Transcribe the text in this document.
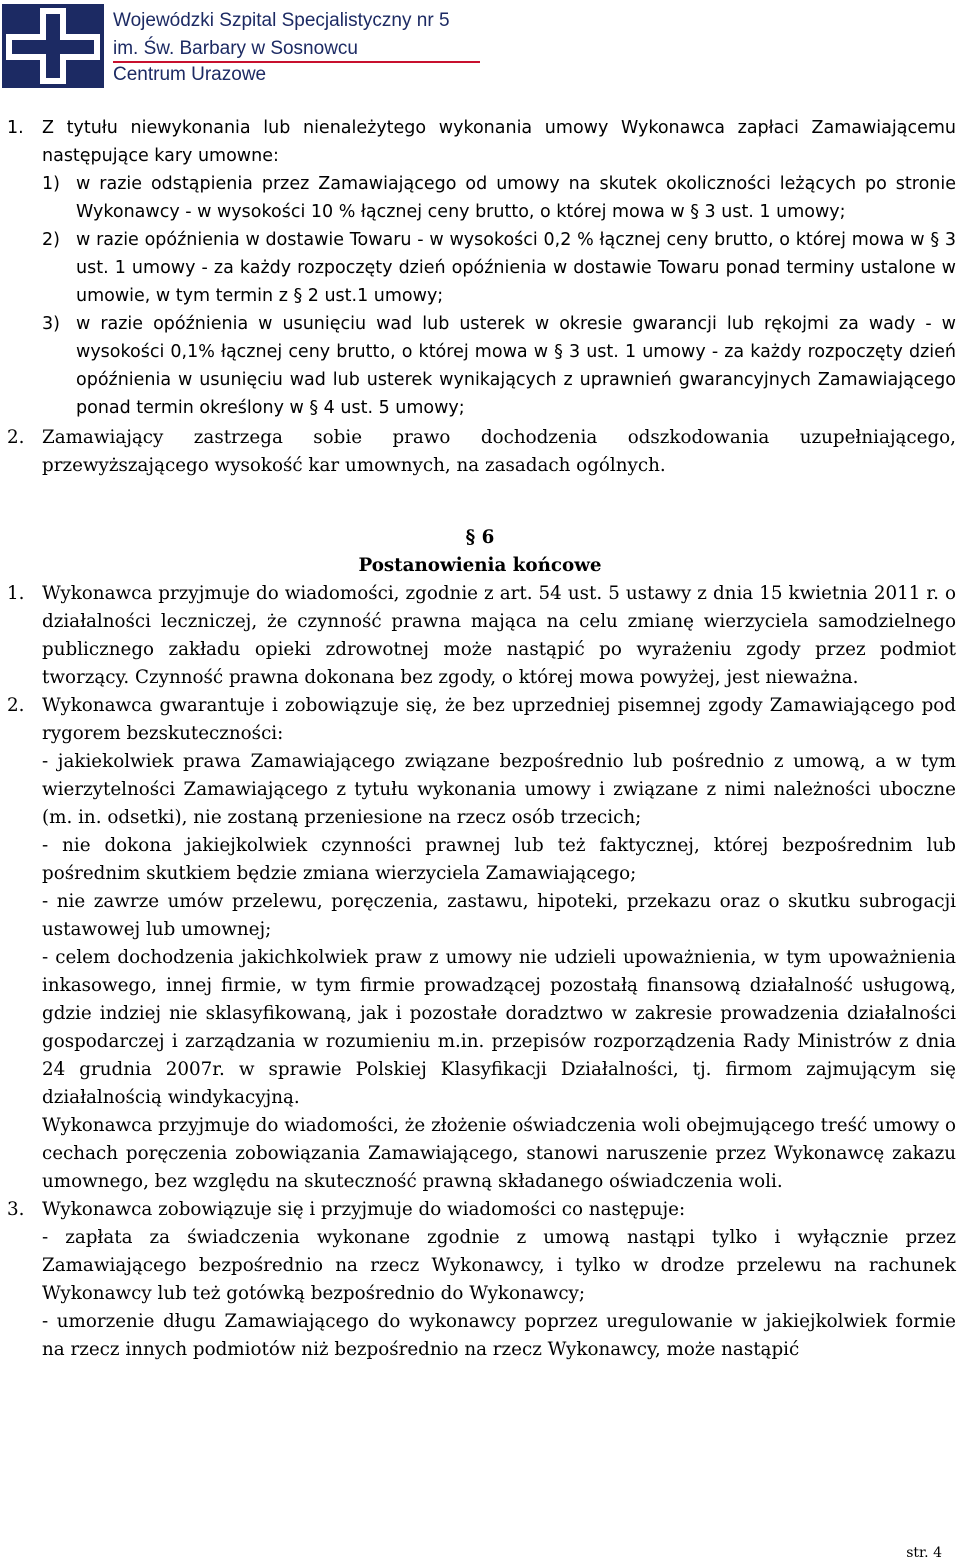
Wojewódzki Szpital Specjalistyczny nr 5
im. Św. Barbary w Sosnowcu
Centrum Urazowe
1. Z tytułu niewykonania lub nienależytego wykonania umowy Wykonawca zapłaci Zamawiającemu następujące kary umowne:
1) w razie odstąpienia przez Zamawiającego od umowy na skutek okoliczności leżących po stronie Wykonawcy - w wysokości 10 % łącznej ceny brutto, o której mowa w § 3 ust. 1 umowy;
2) w razie opóźnienia w dostawie Towaru - w wysokości 0,2 % łącznej ceny brutto, o której mowa w § 3 ust. 1 umowy - za każdy rozpoczęty dzień opóźnienia w dostawie Towaru ponad terminy ustalone w umowie, w tym termin z § 2 ust.1 umowy;
3) w razie opóźnienia w usunięciu wad lub usterek w okresie gwarancji lub rękojmi za wady - w wysokości 0,1% łącznej ceny brutto, o której mowa w § 3 ust. 1 umowy - za każdy rozpoczęty dzień opóźnienia w usunięciu wad lub usterek wynikających z uprawnień gwarancyjnych Zamawiającego ponad termin określony w § 4 ust. 5 umowy;
2. Zamawiający zastrzega sobie prawo dochodzenia odszkodowania uzupełniającego, przewyższającego wysokość kar umownych, na zasadach ogólnych.
§ 6
Postanowienia końcowe
1. Wykonawca przyjmuje do wiadomości, zgodnie z art. 54 ust. 5 ustawy z dnia 15 kwietnia 2011 r. o działalności leczniczej, że czynność prawna mająca na celu zmianę wierzyciela samodzielnego publicznego zakładu opieki zdrowotnej może nastąpić po wyrażeniu zgody przez podmiot tworzący. Czynność prawna dokonana bez zgody, o której mowa powyżej, jest nieważna.
2. Wykonawca gwarantuje i zobowiązuje się, że bez uprzedniej pisemnej zgody Zamawiającego pod rygorem bezskuteczności:
- jakiekolwiek prawa Zamawiającego związane bezpośrednio lub pośrednio z umową, a w tym wierzytelności Zamawiającego z tytułu wykonania umowy i związane z nimi należności uboczne (m. in. odsetki), nie zostaną przeniesione na rzecz osób trzecich;
- nie dokona jakiejkolwiek czynności prawnej lub też faktycznej, której bezpośrednim lub pośrednim skutkiem będzie zmiana wierzyciela Zamawiającego;
- nie zawrze umów przelewu, poręczenia, zastawu, hipoteki, przekazu oraz o skutku subrogacji ustawowej lub umownej;
- celem dochodzenia jakichkolwiek praw z umowy nie udzieli upoważnienia, w tym upoważnienia inkasowego, innej firmie, w tym firmie prowadzącej pozostałą finansową działalność usługową, gdzie indziej nie sklasyfikowaną, jak i pozostałe doradztwo w zakresie prowadzenia działalności gospodarczej i zarządzania w rozumieniu m.in. przepisów rozporządzenia Rady Ministrów z dnia 24 grudnia 2007r. w sprawie Polskiej Klasyfikacji Działalności, tj. firmom zajmującym się działalnością windykacyjną.
Wykonawca przyjmuje do wiadomości, że złożenie oświadczenia woli obejmującego treść umowy o cechach poręczenia zobowiązania Zamawiającego, stanowi naruszenie przez Wykonawcę zakazu umownego, bez względu na skuteczność prawną składanego oświadczenia woli.
3. Wykonawca zobowiązuje się i przyjmuje do wiadomości co następuje:
- zapłata za świadczenia wykonane zgodnie z umową nastąpi tylko i wyłącznie przez Zamawiającego bezpośrednio na rzecz Wykonawcy, i tylko w drodze przelewu na rachunek Wykonawcy lub też gotówką bezpośrednio do Wykonawcy;
- umorzenie długu Zamawiającego do wykonawcy poprzez uregulowanie w jakiejkolwiek formie na rzecz innych podmiotów niż bezpośrednio na rzecz Wykonawcy, może nastąpić
str. 4
